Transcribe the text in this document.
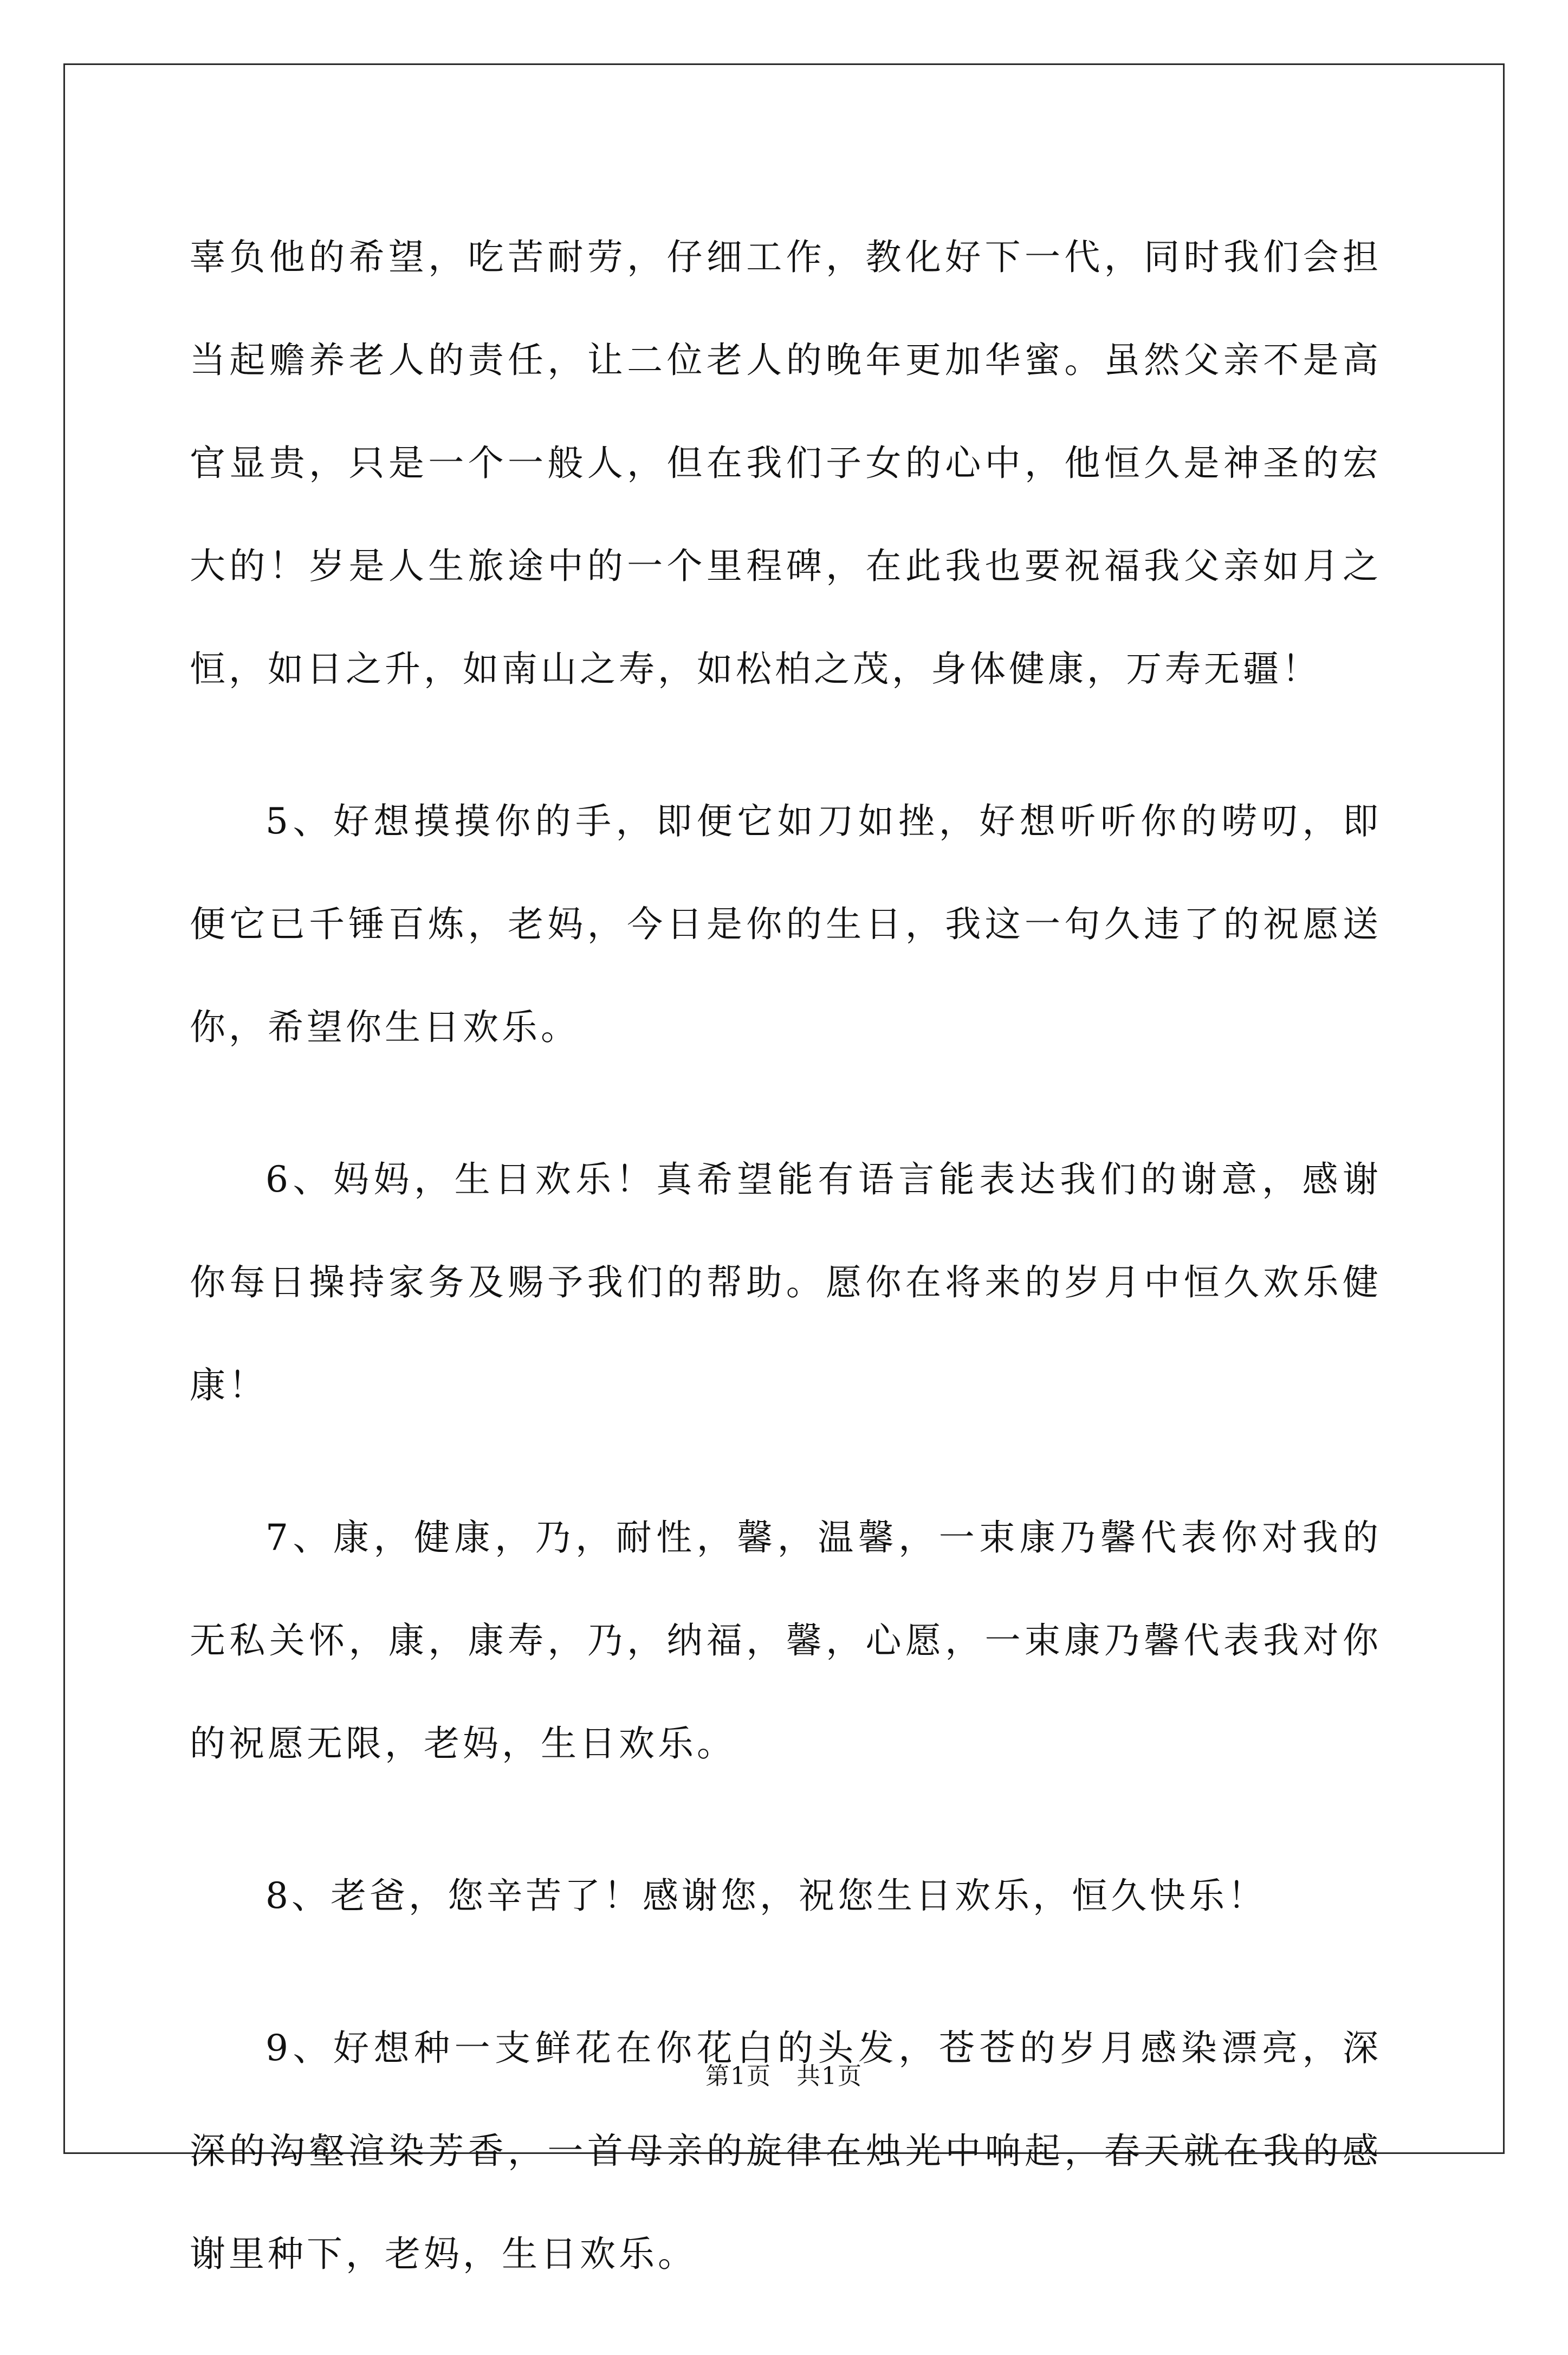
辜负他的希望，吃苦耐劳，仔细工作，教化好下一代，同时我们会担当起赡养老人的责任，让二位老人的晚年更加华蜜。虽然父亲不是高官显贵，只是一个一般人，但在我们子女的心中，他恒久是神圣的宏大的！岁是人生旅途中的一个里程碑，在此我也要祝福我父亲如月之恒，如日之升，如南山之寿，如松柏之茂，身体健康，万寿无疆！

5、好想摸摸你的手，即便它如刀如挫，好想听听你的唠叨，即便它已千锤百炼，老妈，今日是你的生日，我这一句久违了的祝愿送你，希望你生日欢乐。

6、妈妈，生日欢乐！真希望能有语言能表达我们的谢意，感谢你每日操持家务及赐予我们的帮助。愿你在将来的岁月中恒久欢乐健康！

7、康，健康，乃，耐性，馨，温馨，一束康乃馨代表你对我的无私关怀，康，康寿，乃，纳福，馨，心愿，一束康乃馨代表我对你的祝愿无限，老妈，生日欢乐。

8、老爸，您辛苦了！感谢您，祝您生日欢乐，恒久快乐！

9、好想种一支鲜花在你花白的头发，苍苍的岁月感染漂亮，深深的沟壑渲染芳香，一首母亲的旋律在烛光中响起，春天就在我的感谢里种下，老妈，生日欢乐。

第1页　共1页
